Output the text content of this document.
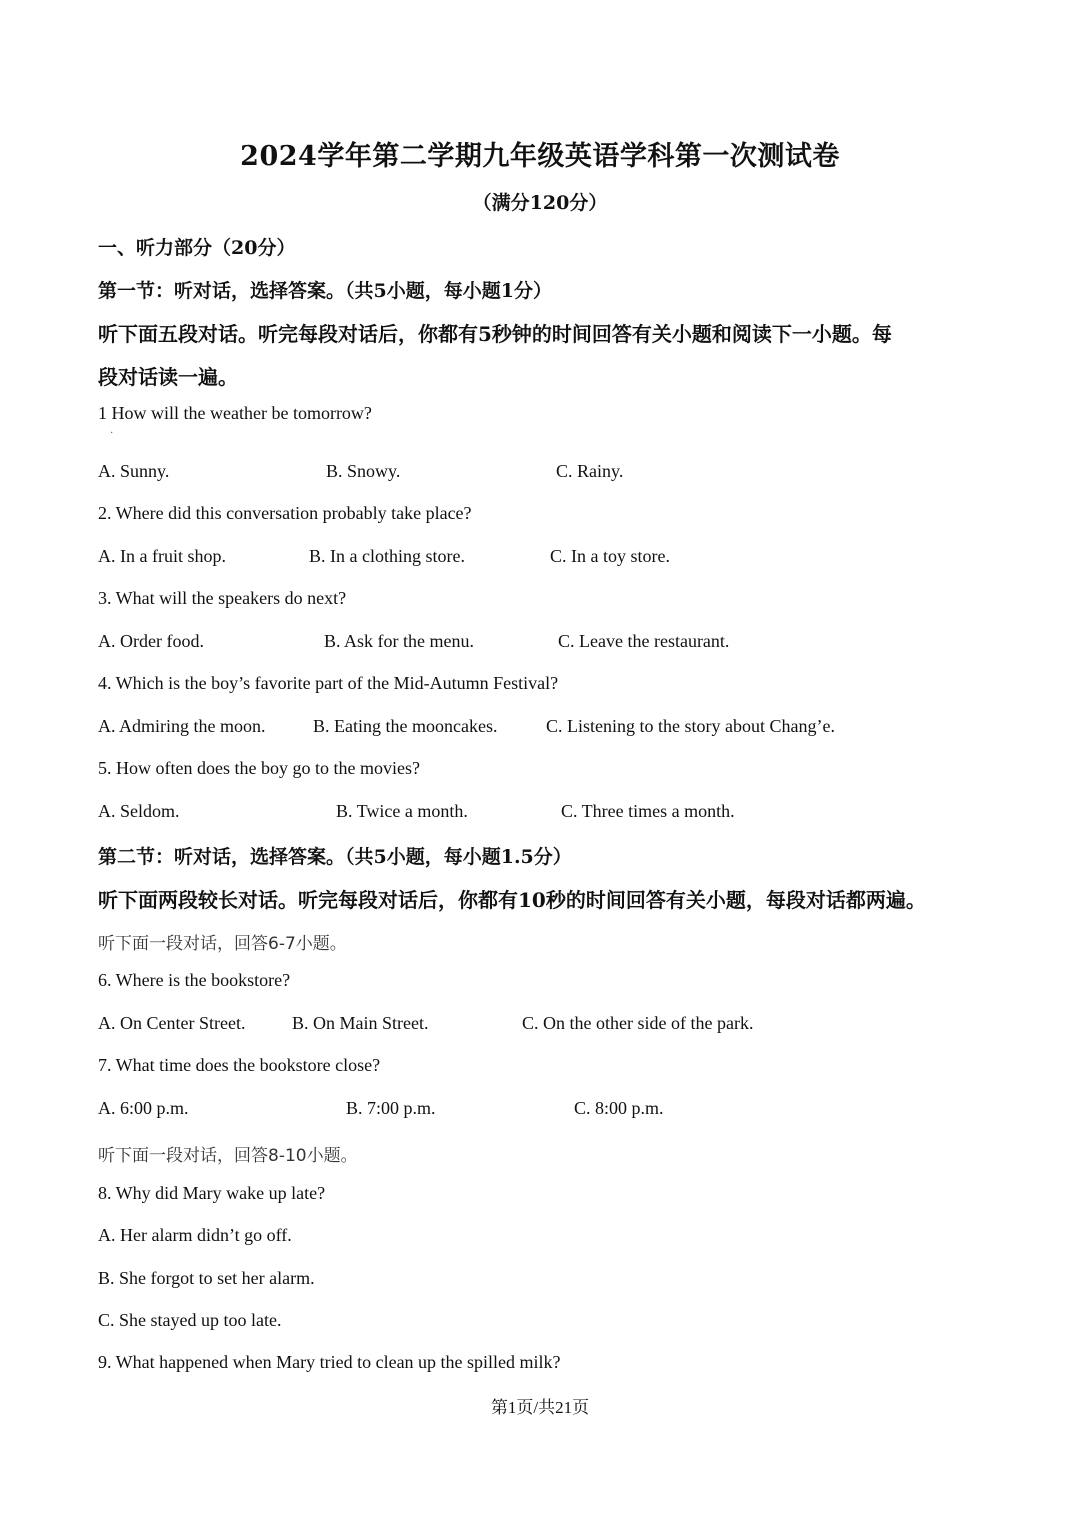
2024学年第二学期九年级英语学科第一次测试卷
（满分120分）
一、听力部分（20分）
第一节：听对话，选择答案。（共5小题，每小题1分）
听下面五段对话。听完每段对话后，你都有5秒钟的时间回答有关小题和阅读下一小题。每
段对话读一遍。
1 How will the weather be tomorrow?
·
A. Sunny.	B. Snowy.	C. Rainy.
2. Where did this conversation probably take place?
A. In a fruit shop.	B. In a clothing store.	C. In a toy store.
3. What will the speakers do next?
A. Order food.	B. Ask for the menu.	C. Leave the restaurant.
4. Which is the boy’s favorite part of the Mid-Autumn Festival?
A. Admiring the moon.	B. Eating the mooncakes.	C. Listening to the story about Chang’e.
5. How often does the boy go to the movies?
A. Seldom.	B. Twice a month.	C. Three times a month.
第二节：听对话，选择答案。（共5小题，每小题1.5分）
听下面两段较长对话。听完每段对话后，你都有10秒的时间回答有关小题，每段对话都两遍。
听下面一段对话，回答6-7小题。
6. Where is the bookstore?
A. On Center Street.	B. On Main Street.	C. On the other side of the park.
7. What time does the bookstore close?
A. 6:00 p.m.	B. 7:00 p.m.	C. 8:00 p.m.
听下面一段对话，回答8-10小题。
8. Why did Mary wake up late?
A. Her alarm didn’t go off.
B. She forgot to set her alarm.
C. She stayed up too late.
9. What happened when Mary tried to clean up the spilled milk?
第1页/共21页
